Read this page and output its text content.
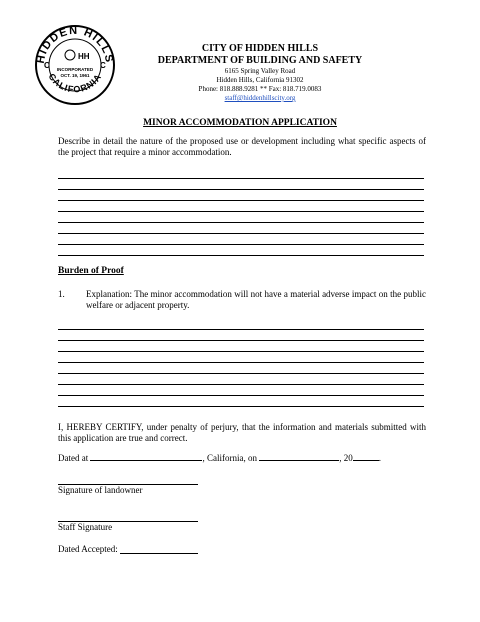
HIDDEN HILLS
CALIFORNIA
C	C
HH
INCORPORATED
OCT. 19, 1961
CITY OF HIDDEN HILLS
DEPARTMENT OF BUILDING AND SAFETY
6165 Spring Valley Road
Hidden Hills, California 91302
Phone: 818.888.9281 ** Fax: 818.719.0083
staff@hiddenhillscity.org
MINOR ACCOMMODATION APPLICATION
Describe in detail the nature of the proposed use or development including what specific aspects of the project that require a minor accommodation.
Burden of Proof
1. Explanation: The minor accommodation will not have a material adverse impact on the public welfare or adjacent property.
I, HEREBY CERTIFY, under penalty of perjury, that the information and materials submitted with this application are true and correct.
Dated at	, California, on	, 20	.
Signature of landowner
Staff Signature
Dated Accepted:
